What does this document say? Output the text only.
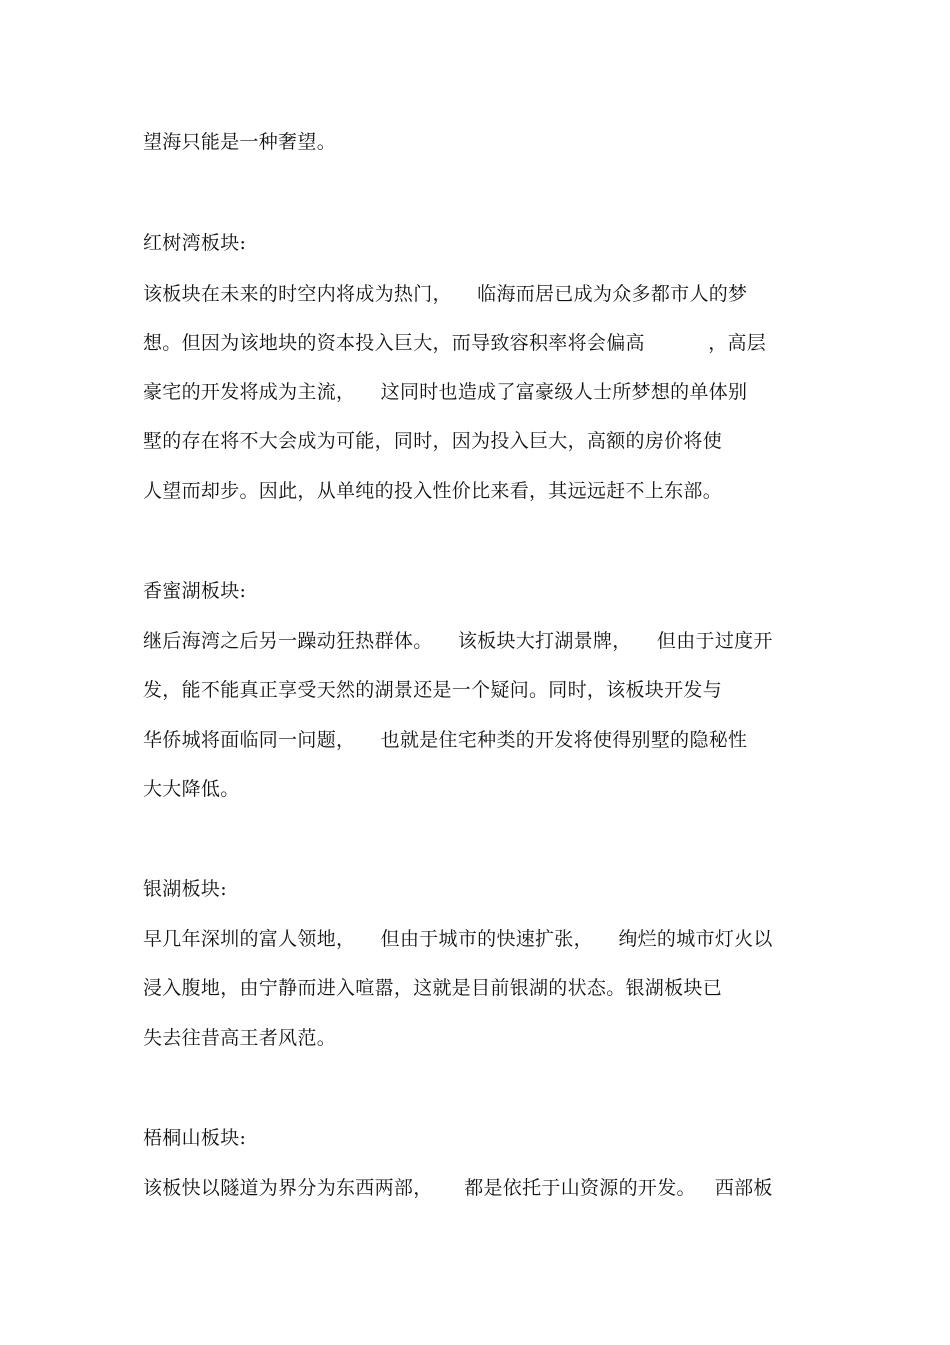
望海只能是一种奢望。
红树湾板块:
该板块在未来的时空内将成为热门，    临海而居已成为众多都市人的梦
想。但因为该地块的资本投入巨大，而导致容积率将会偏高          ，高层
豪宅的开发将成为主流，    这同时也造成了富豪级人士所梦想的单体别
墅的存在将不大会成为可能，同时，因为投入巨大，高额的房价将使
人望而却步。因此，从单纯的投入性价比来看，其远远赶不上东部。
香蜜湖板块:
继后海湾之后另一躁动狂热群体。    该板块大打湖景牌，    但由于过度开
发，能不能真正享受天然的湖景还是一个疑问。同时，该板块开发与
华侨城将面临同一问题，    也就是住宅种类的开发将使得别墅的隐秘性
大大降低。
银湖板块:
早几年深圳的富人领地，    但由于城市的快速扩张，    绚烂的城市灯火以
浸入腹地，由宁静而进入喧嚣，这就是目前银湖的状态。银湖板块已
失去往昔高王者风范。
梧桐山板块:
该板快以隧道为界分为东西两部，     都是依托于山资源的开发。   西部板
